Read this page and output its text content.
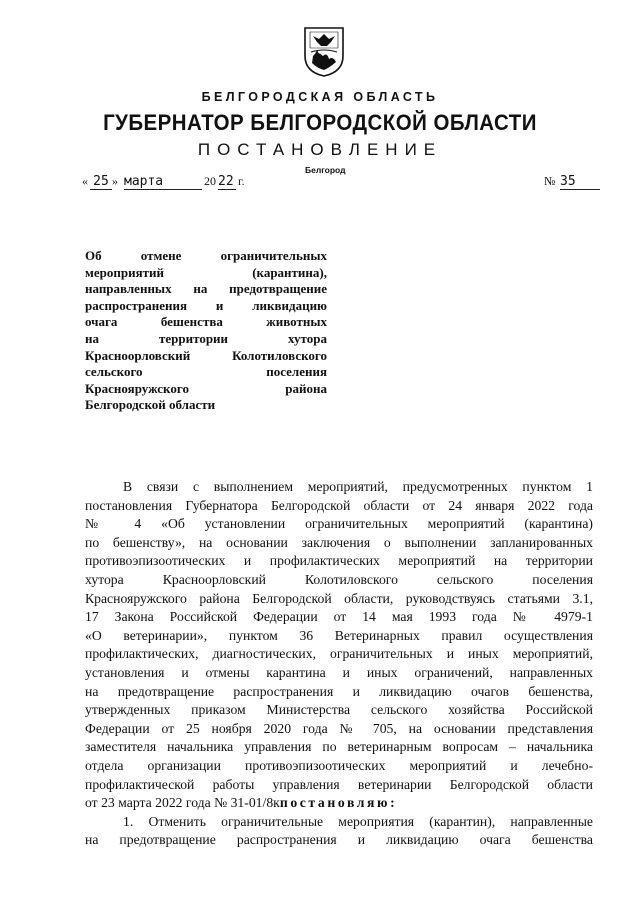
БЕЛГОРОДСКАЯ ОБЛАСТЬ
ГУБЕРНАТОР БЕЛГОРОДСКОЙ ОБЛАСТИ
ПОСТАНОВЛЕНИЕ
Белгород
« 25 » марта	20 22 г.	№ 35
Об отмене ограничительных
мероприятий (карантина),
направленных на предотвращение
распространения и ликвидацию
очага бешенства животных
на территории хутора
Красноорловский Колотиловского
сельского поселения
Краснояружского района
Белгородской области
В связи с выполнением мероприятий, предусмотренных пунктом 1
постановления Губернатора Белгородской области от 24 января 2022 года
№ 4 «Об установлении ограничительных мероприятий (карантина)
по бешенству», на основании заключения о выполнении запланированных
противоэпизоотических и профилактических мероприятий на территории
хутора Красноорловский Колотиловского сельского поселения
Краснояружского района Белгородской области, руководствуясь статьями 3.1,
17 Закона Российской Федерации от 14 мая 1993 года № 4979-1
«О ветеринарии», пунктом 36 Ветеринарных правил осуществления
профилактических, диагностических, ограничительных и иных мероприятий,
установления и отмены карантина и иных ограничений, направленных
на предотвращение распространения и ликвидацию очагов бешенства,
утвержденных приказом Министерства сельского хозяйства Российской
Федерации от 25 ноября 2020 года № 705, на основании представления
заместителя начальника управления по ветеринарным вопросам – начальника
отдела организации противоэпизоотических мероприятий и лечебно-
профилактической работы управления ветеринарии Белгородской области
от 23 марта 2022 года № 31-01/8кпостановляю:
1. Отменить ограничительные мероприятия (карантин), направленные
на предотвращение распространения и ликвидацию очага бешенства
